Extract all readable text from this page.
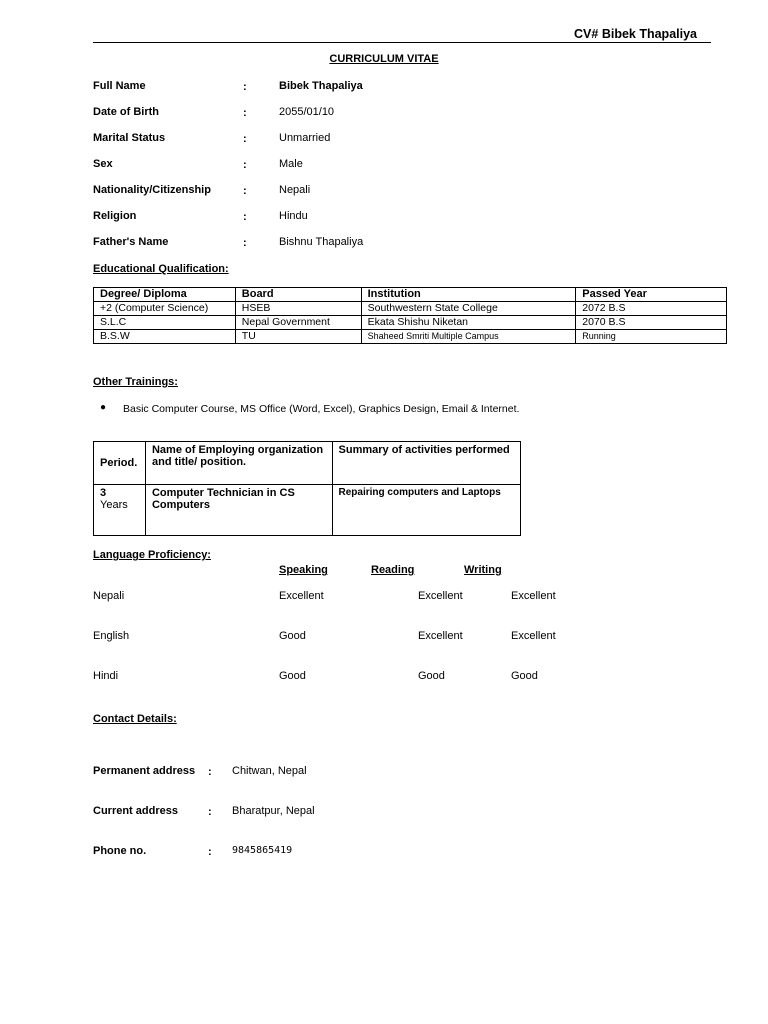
CV# Bibek Thapaliya
CURRICULUM VITAE
Full Name	:	Bibek Thapaliya
Date of Birth	:	2055/01/10
Marital Status	:	Unmarried
Sex	:	Male
Nationality/Citizenship	:	Nepali
Religion	:	Hindu
Father's Name	:	Bishnu Thapaliya
Educational Qualification:
Degree/ Diploma	Board	Institution	Passed Year
+2 (Computer Science)	HSEB	Southwestern State College	2072 B.S
S.L.C	Nepal Government	Ekata Shishu Niketan	2070 B.S
B.S.W	TU	Shaheed Smriti Multiple Campus	Running
Other Trainings:
● Basic Computer Course, MS Office (Word, Excel), Graphics Design, Email & Internet.
Period.	Name of Employing organization and title/ position.	Summary of activities performed

3
Years	Computer Technician in CS Computers	Repairing computers and Laptops
Language Proficiency:
Speaking	Reading	Writing
Nepali	Excellent	Excellent	Excellent
English	Good	Excellent	Excellent
Hindi	Good	Good	Good
Contact Details:
Permanent address : Chitwan, Nepal
Current address	: Bharatpur, Nepal
Phone no.	: 9845865419
